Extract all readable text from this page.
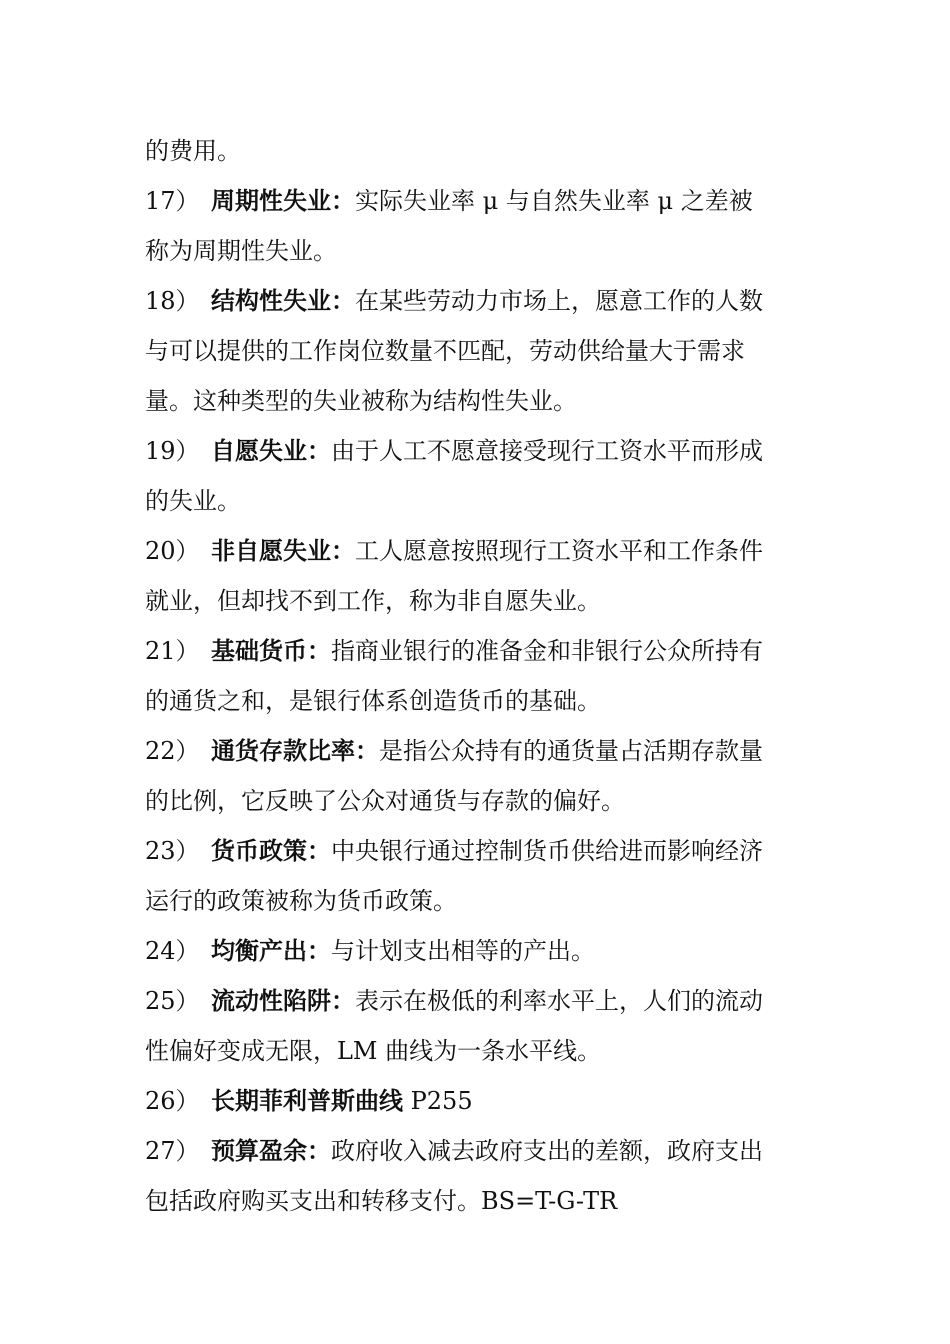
的费用。
17） 周期性失业：实际失业率 μ 与自然失业率 μ 之差被
称为周期性失业。
18） 结构性失业：在某些劳动力市场上，愿意工作的人数
与可以提供的工作岗位数量不匹配，劳动供给量大于需求
量。这种类型的失业被称为结构性失业。
19） 自愿失业：由于人工不愿意接受现行工资水平而形成
的失业。
20） 非自愿失业：工人愿意按照现行工资水平和工作条件
就业，但却找不到工作，称为非自愿失业。
21） 基础货币：指商业银行的准备金和非银行公众所持有
的通货之和，是银行体系创造货币的基础。
22） 通货存款比率：是指公众持有的通货量占活期存款量
的比例，它反映了公众对通货与存款的偏好。
23） 货币政策：中央银行通过控制货币供给进而影响经济
运行的政策被称为货币政策。
24） 均衡产出：与计划支出相等的产出。
25） 流动性陷阱：表示在极低的利率水平上，人们的流动
性偏好变成无限，LM 曲线为一条水平线。
26） 长期菲利普斯曲线 P255
27） 预算盈余：政府收入减去政府支出的差额，政府支出
包括政府购买支出和转移支付。BS=T-G-TR
